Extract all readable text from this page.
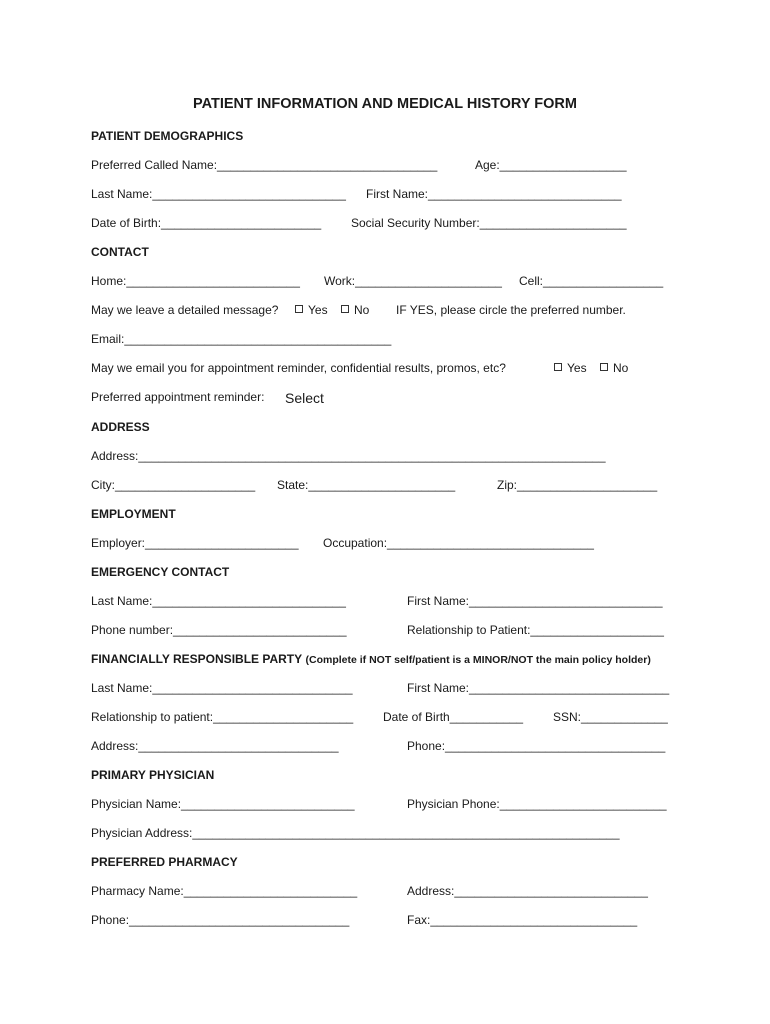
PATIENT INFORMATION AND MEDICAL HISTORY FORM
PATIENT DEMOGRAPHICS
Preferred Called Name:_________________________________	Age:___________________
Last Name:_____________________________ First Name:_____________________________
Date of Birth:________________________ Social Security Number:______________________
CONTACT
Home:__________________________ Work:______________________ Cell:__________________
May we leave a detailed message?	Yes	No IF YES, please circle the preferred number.
Email:________________________________________
May we email you for appointment reminder, confidential results, promos, etc?	Yes	No
Preferred appointment reminder: Select
ADDRESS
Address:______________________________________________________________________
City:_____________________ State:______________________	Zip:_____________________
EMPLOYMENT
Employer:_______________________ Occupation:_______________________________
EMERGENCY CONTACT
Last Name:_____________________________	First Name:_____________________________
Phone number:__________________________	Relationship to Patient:____________________
FINANCIALLY RESPONSIBLE PARTY (Complete if NOT self/patient is a MINOR/NOT the main policy holder)
Last Name:______________________________	First Name:______________________________
Relationship to patient:_____________________ Date of Birth___________ SSN:_____________
Address:______________________________	Phone:_________________________________
PRIMARY PHYSICIAN
Physician Name:__________________________	Physician Phone:_________________________
Physician Address:________________________________________________________________
PREFERRED PHARMACY
Pharmacy Name:__________________________	Address:_____________________________
Phone:_________________________________	Fax:_______________________________
